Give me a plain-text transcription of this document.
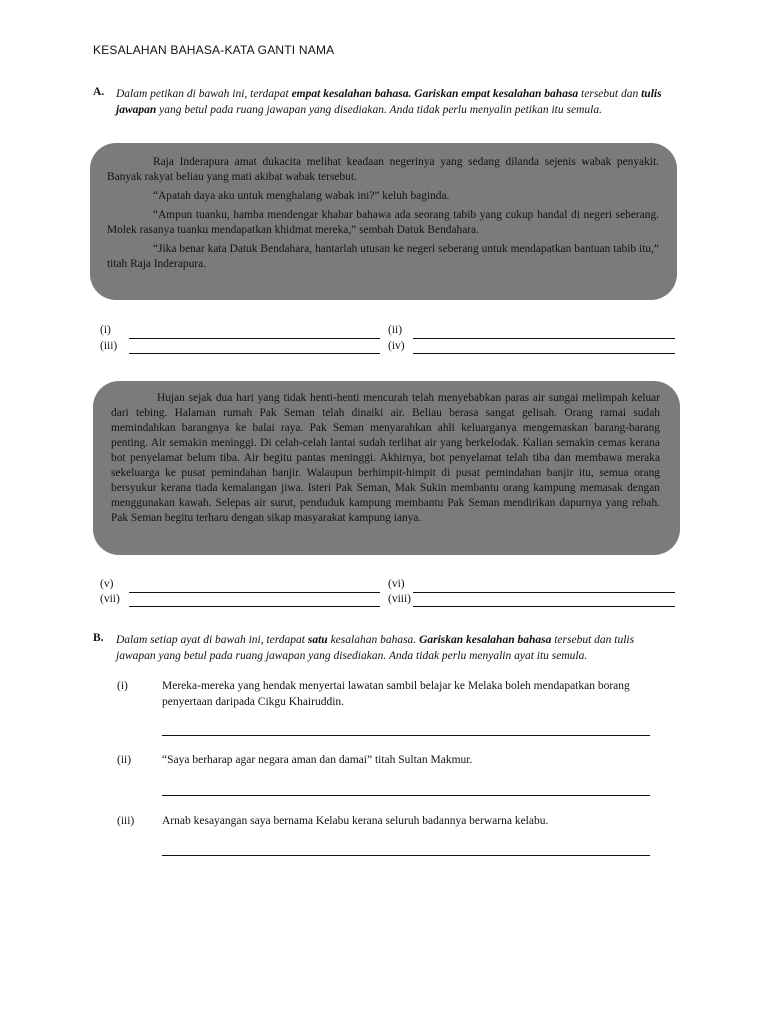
KESALAHAN BAHASA-KATA GANTI NAMA
A. Dalam petikan di bawah ini, terdapat empat kesalahan bahasa. Gariskan empat kesalahan bahasa tersebut dan tulis jawapan yang betul pada ruang jawapan yang disediakan. Anda tidak perlu menyalin petikan itu semula.

Raja Inderapura amat dukacita melihat keadaan negerinya yang sedang dilanda sejenis wabak penyakit. Banyak rakyat beliau yang mati akibat wabak tersebut.

“Apatah daya aku untuk menghalang wabak ini?” keluh baginda.

“Ampun tuanku, hamba mendengar khabar bahawa ada seorang tabib yang cukup handal di negeri seberang. Molek rasanya tuanku mendapatkan khidmat mereka,” sembah Datuk Bendahara.

“Jika benar kata Datuk Bendahara, hantarlah utusan ke negeri seberang untuk mendapatkan bantuan tabib itu,” titah Raja Inderapura.

(i)	(ii)
(iii)	(iv)

Hujan sejak dua hari yang tidak henti-henti mencurah telah menyebabkan paras air sungai melimpah keluar dari tebing. Halaman rumah Pak Seman telah dinaiki air. Beliau berasa sangat gelisah. Orang ramai sudah memindahkan barangnya ke balai raya. Pak Seman menyarahkan ahli keluarganya mengemaskan barang-barang penting. Air semakin meninggi. Di celah-celah lantai sudah terlihat air yang berkelodak. Kalian semakin cemas kerana bot penyelamat belum tiba. Air begitu pantas meninggi. Akhirnya, bot penyelamat telah tiba dan membawa meraka sekeluarga ke pusat pemindahan banjir. Walaupun berhimpit-himpit di pusat pemindahan banjir itu, semua orang bersyukur kerana tiada kemalangan jiwa. Isteri Pak Seman, Mak Sukin membantu orang kampung memasak dengan menggunakan kawah. Selepas air surut, penduduk kampung membantu Pak Seman mendirikan dapurnya yang rebah. Pak Seman begitu terharu dengan sikap masyarakat kampung ianya.

(v)	(vi)
(vii)	(viii)
B. Dalam setiap ayat di bawah ini, terdapat satu kesalahan bahasa. Gariskan kesalahan bahasa tersebut dan tulis jawapan yang betul pada ruang jawapan yang disediakan. Anda tidak perlu menyalin ayat itu semula.
(i)	Mereka-mereka yang hendak menyertai lawatan sambil belajar ke Melaka boleh mendapatkan borang penyertaan daripada Cikgu Khairuddin.
(ii)	“Saya berharap agar negara aman dan damai” titah Sultan Makmur.
(iii) Arnab kesayangan saya bernama Kelabu kerana seluruh badannya berwarna kelabu.
